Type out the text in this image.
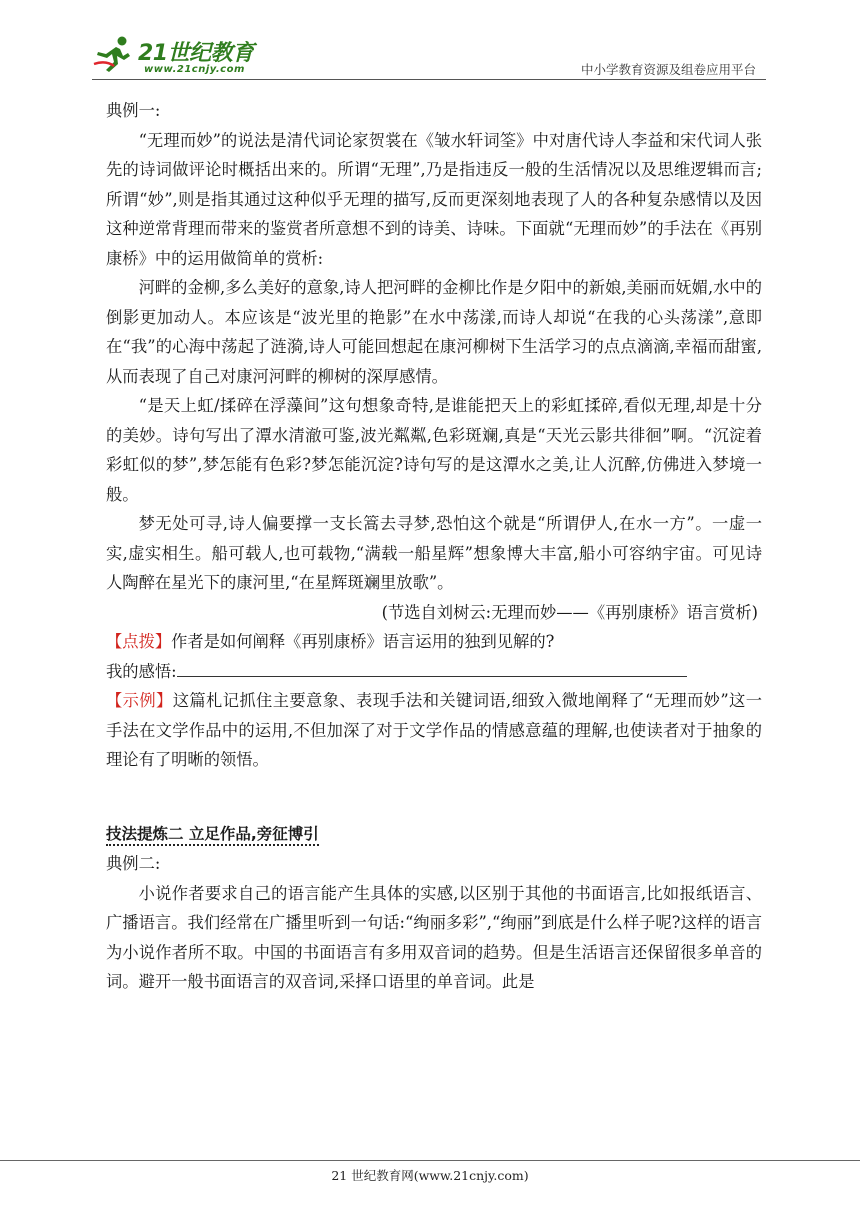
21世纪教育
www.21cnjy.com	中小学教育资源及组卷应用平台

典例一:

“无理而妙”的说法是清代词论家贺裳在《皱水轩词筌》中对唐代诗人李益和宋代词人张先的诗词做评论时概括出来的。所谓“无理”,乃是指违反一般的生活情况以及思维逻辑而言;所谓“妙”,则是指其通过这种似乎无理的描写,反而更深刻地表现了人的各种复杂感情以及因这种逆常背理而带来的鉴赏者所意想不到的诗美、诗味。下面就“无理而妙”的手法在《再别康桥》中的运用做简单的赏析:

河畔的金柳,多么美好的意象,诗人把河畔的金柳比作是夕阳中的新娘,美丽而妩媚,水中的倒影更加动人。本应该是“波光里的艳影”在水中荡漾,而诗人却说“在我的心头荡漾”,意即在“我”的心海中荡起了涟漪,诗人可能回想起在康河柳树下生活学习的点点滴滴,幸福而甜蜜,从而表现了自己对康河河畔的柳树的深厚感情。

“是天上虹/揉碎在浮藻间”这句想象奇特,是谁能把天上的彩虹揉碎,看似无理,却是十分的美妙。诗句写出了潭水清澈可鉴,波光粼粼,色彩斑斓,真是“天光云影共徘徊”啊。“沉淀着彩虹似的梦”,梦怎能有色彩?梦怎能沉淀?诗句写的是这潭水之美,让人沉醉,仿佛进入梦境一般。

梦无处可寻,诗人偏要撑一支长篙去寻梦,恐怕这个就是“所谓伊人,在水一方”。一虚一实,虚实相生。船可载人,也可载物,“满载一船星辉”想象博大丰富,船小可容纳宇宙。可见诗人陶醉在星光下的康河里,“在星辉斑斓里放歌”。

(节选自刘树云:无理而妙——《再别康桥》语言赏析)

【点拨】作者是如何阐释《再别康桥》语言运用的独到见解的?

我的感悟:

【示例】这篇札记抓住主要意象、表现手法和关键词语,细致入微地阐释了“无理而妙”这一手法在文学作品中的运用,不但加深了对于文学作品的情感意蕴的理解,也使读者对于抽象的理论有了明晰的领悟。

技法提炼二 立足作品,旁征博引

典例二:

小说作者要求自己的语言能产生具体的实感,以区别于其他的书面语言,比如报纸语言、广播语言。我们经常在广播里听到一句话:“绚丽多彩”,“绚丽”到底是什么样子呢?这样的语言为小说作者所不取。中国的书面语言有多用双音词的趋势。但是生活语言还保留很多单音的词。避开一般书面语言的双音词,采择口语里的单音词。此是

21 世纪教育网(www.21cnjy.com)
